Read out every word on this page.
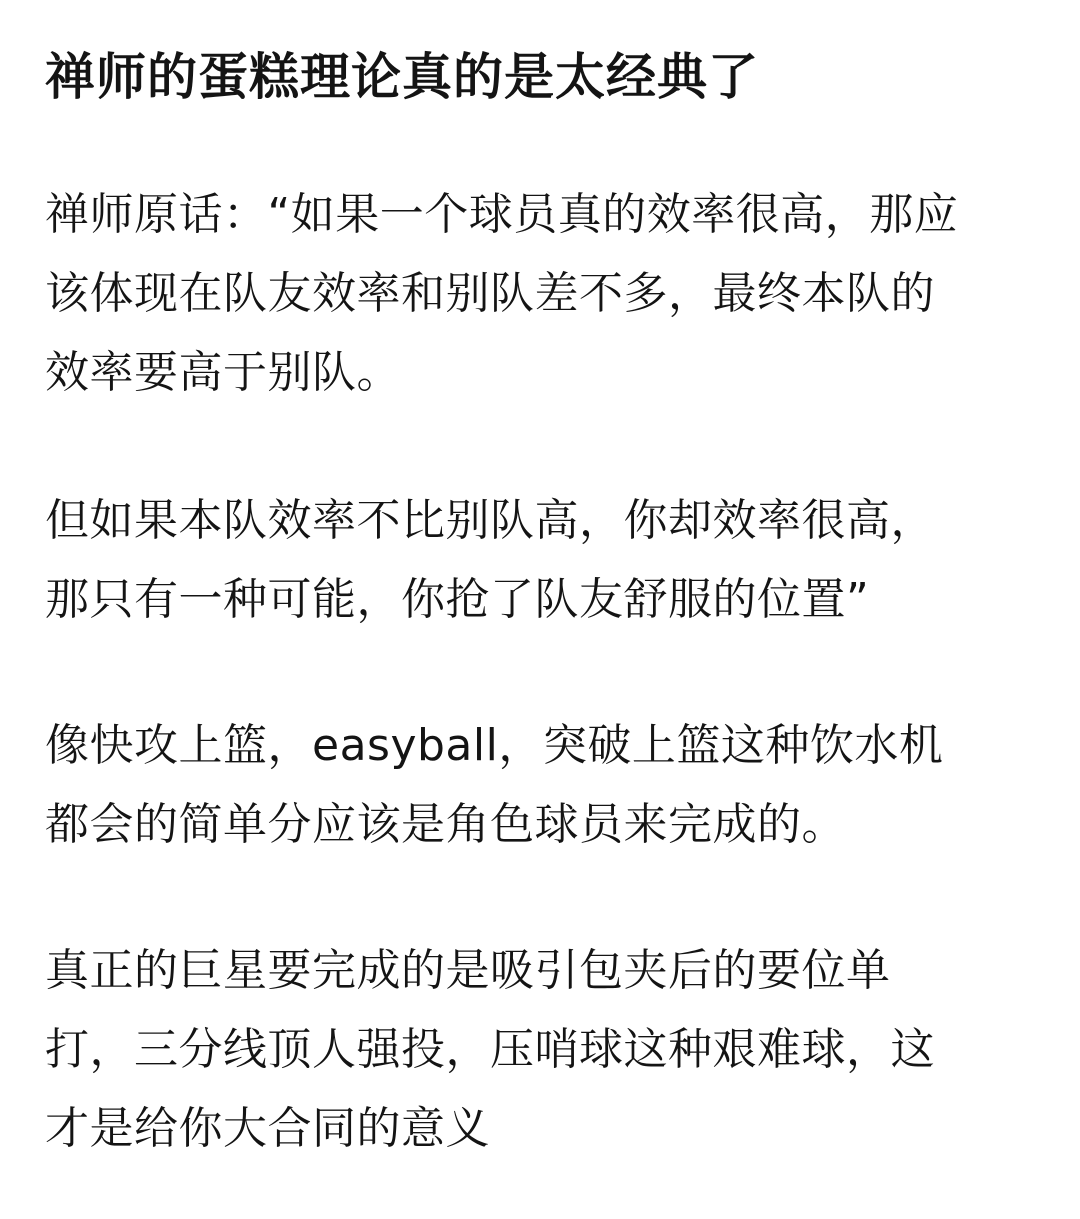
禅师的蛋糕理论真的是太经典了

禅师原话：“如果一个球员真的效率很高，那应
该体现在队友效率和别队差不多，最终本队的
效率要高于别队。

但如果本队效率不比别队高，你却效率很高，
那只有一种可能，你抢了队友舒服的位置”

像快攻上篮，easyball，突破上篮这种饮水机
都会的简单分应该是角色球员来完成的。

真正的巨星要完成的是吸引包夹后的要位单
打，三分线顶人强投，压哨球这种艰难球，这
才是给你大合同的意义
